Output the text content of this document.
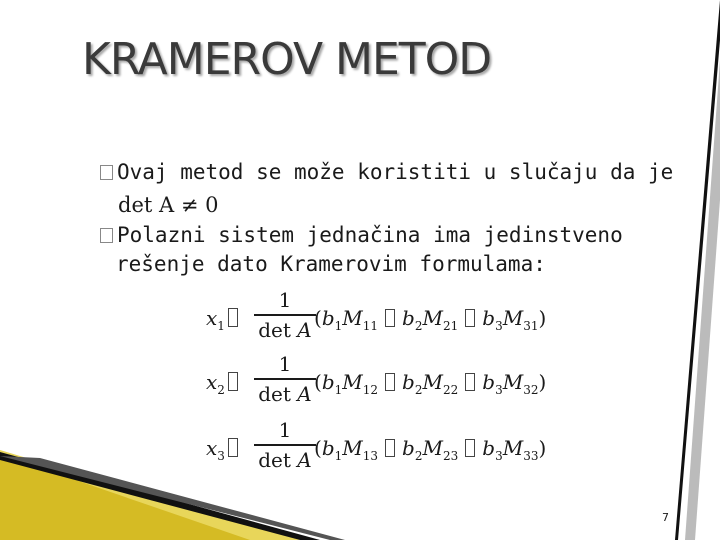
KRAMEROV METOD
Ovaj metod se može koristiti u slučaju da je
det A ≠ 0
Polazni sistem jednačina ima jedinstveno
rešenje dato Kramerovim formulama:
$x_1$
1
det A ($b_1M_{11}$ $b_2M_{21}$ $b_3M_{31}$)
$x_2$
1
det A ($b_1M_{12}$ $b_2M_{22}$ $b_3M_{32}$)
$x_3$
1
det A ($b_1M_{13}$ $b_2M_{23}$ $b_3M_{33}$)
7
